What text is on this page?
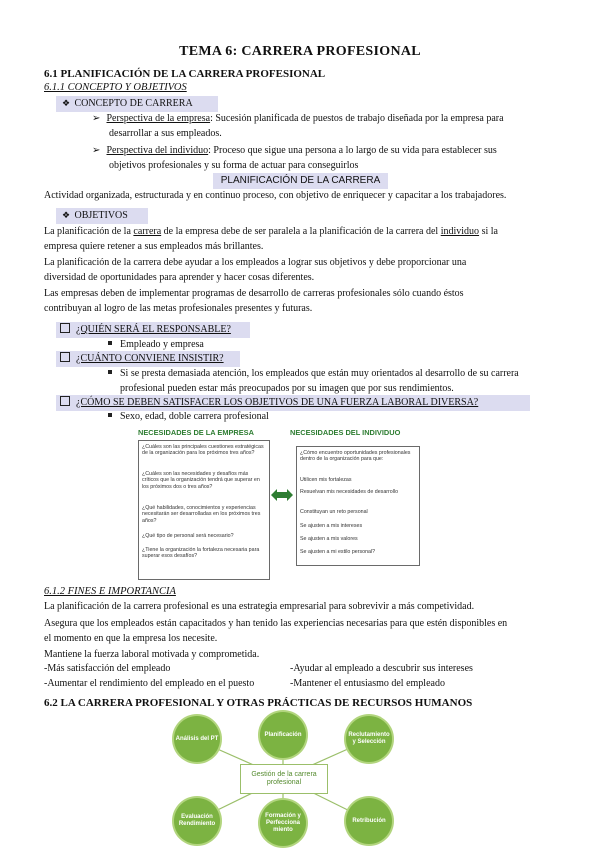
TEMA 6: CARRERA PROFESIONAL
6.1 PLANIFICACIÓN DE LA CARRERA PROFESIONAL
6.1.1 CONCEPTO Y OBJETIVOS
❖ CONCEPTO DE CARRERA
➢ Perspectiva de la empresa: Sucesión planificada de puestos de trabajo diseñada por la empresa para
desarrollar a sus empleados.
➢ Perspectiva del individuo: Proceso que sigue una persona a lo largo de su vida para establecer sus
objetivos profesionales y su forma de actuar para conseguirlos
PLANIFICACIÓN DE LA CARRERA
Actividad organizada, estructurada y en continuo proceso, con objetivo de enriquecer y capacitar a los trabajadores.
❖ OBJETIVOS
La planificación de la carrera de la empresa debe de ser paralela a la planificación de la carrera del individuo si la
empresa quiere retener a sus empleados más brillantes.
La planificación de la carrera debe ayudar a los empleados a lograr sus objetivos y debe proporcionar una
diversidad de oportunidades para aprender y hacer cosas diferentes.
Las empresas deben de implementar programas de desarrollo de carreras profesionales sólo cuando éstos
contribuyan al logro de las metas profesionales presentes y futuras.
¿QUIÉN SERÁ EL RESPONSABLE?
Empleado y empresa
¿CUÁNTO CONVIENE INSISTIR?
Si se presta demasiada atención, los empleados que están muy orientados al desarrollo de su carrera
profesional pueden estar más preocupados por su imagen que por sus rendimientos.
¿CÓMO SE DEBEN SATISFACER LOS OBJETIVOS DE UNA FUERZA LABORAL DIVERSA?
Sexo, edad, doble carrera profesional
NECESIDADES DE LA EMPRESA	NECESIDADES DEL INDIVIDUO
¿Cuáles son las principales cuestiones estratégicas de la organización para los próximos tres años?
¿Cuáles son las necesidades y desafíos más críticos que la organización tendrá que superar en los próximos dos o tres años?
¿Qué habilidades, conocimientos y experiencias necesitarán ser desarrolladas en los próximos tres años?
¿Qué tipo de personal será necesario?
¿Tiene la organización la fortaleza necesaria para superar esos desafíos?
¿Cómo encuentro oportunidades profesionales dentro de la organización para que:
Utilicen mis fortalezas
Resuelvan mis necesidades de desarrollo
Constituyan un reto personal
Se ajusten a mis intereses
Se ajusten a mis valores
Se ajusten a mi estilo personal?
6.1.2 FINES E IMPORTANCIA
La planificación de la carrera profesional es una estrategia empresarial para sobrevivir a más competividad.
Asegura que los empleados están capacitados y han tenido las experiencias necesarias para que estén disponibles en
el momento en que la empresa los necesite.
Mantiene la fuerza laboral motivada y comprometida.
-Más satisfacción del empleado	-Ayudar al empleado a descubrir sus intereses
-Aumentar el rendimiento del empleado en el puesto	-Mantener el entusiasmo del empleado
6.2 LA CARRERA PROFESIONAL Y OTRAS PRÁCTICAS DE RECURSOS HUMANOS
Análisis del PT
Planificación	Reclutamiento y Selección
Gestión de la carrera profesional
Evaluación Rendimiento
Formación y Perfecciona miento
Retribución
